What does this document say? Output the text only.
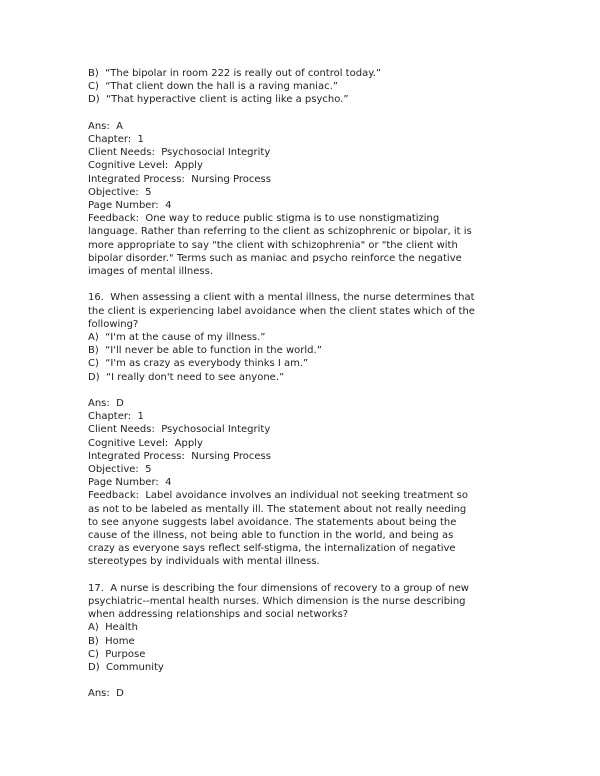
B)  “The bipolar in room 222 is really out of control today.”
C)  “That client down the hall is a raving maniac.”
D)  “That hyperactive client is acting like a psycho.”
Ans:  A
Chapter:  1
Client Needs:  Psychosocial Integrity
Cognitive Level:  Apply
Integrated Process:  Nursing Process
Objective:  5
Page Number:  4
Feedback:  One way to reduce public stigma is to use nonstigmatizing
language. Rather than referring to the client as schizophrenic or bipolar, it is
more appropriate to say "the client with schizophrenia" or "the client with
bipolar disorder." Terms such as maniac and psycho reinforce the negative
images of mental illness.
16.  When assessing a client with a mental illness, the nurse determines that
the client is experiencing label avoidance when the client states which of the
following?
A)  “I'm at the cause of my illness.”
B)  “I'll never be able to function in the world.”
C)  “I'm as crazy as everybody thinks I am.”
D)  “I really don't need to see anyone.”
Ans:  D
Chapter:  1
Client Needs:  Psychosocial Integrity
Cognitive Level:  Apply
Integrated Process:  Nursing Process
Objective:  5
Page Number:  4
Feedback:  Label avoidance involves an individual not seeking treatment so
as not to be labeled as mentally ill. The statement about not really needing
to see anyone suggests label avoidance. The statements about being the
cause of the illness, not being able to function in the world, and being as
crazy as everyone says reflect self-stigma, the internalization of negative
stereotypes by individuals with mental illness.
17.  A nurse is describing the four dimensions of recovery to a group of new
psychiatric--mental health nurses. Which dimension is the nurse describing
when addressing relationships and social networks?
A)  Health
B)  Home
C)  Purpose
D)  Community
Ans:  D
